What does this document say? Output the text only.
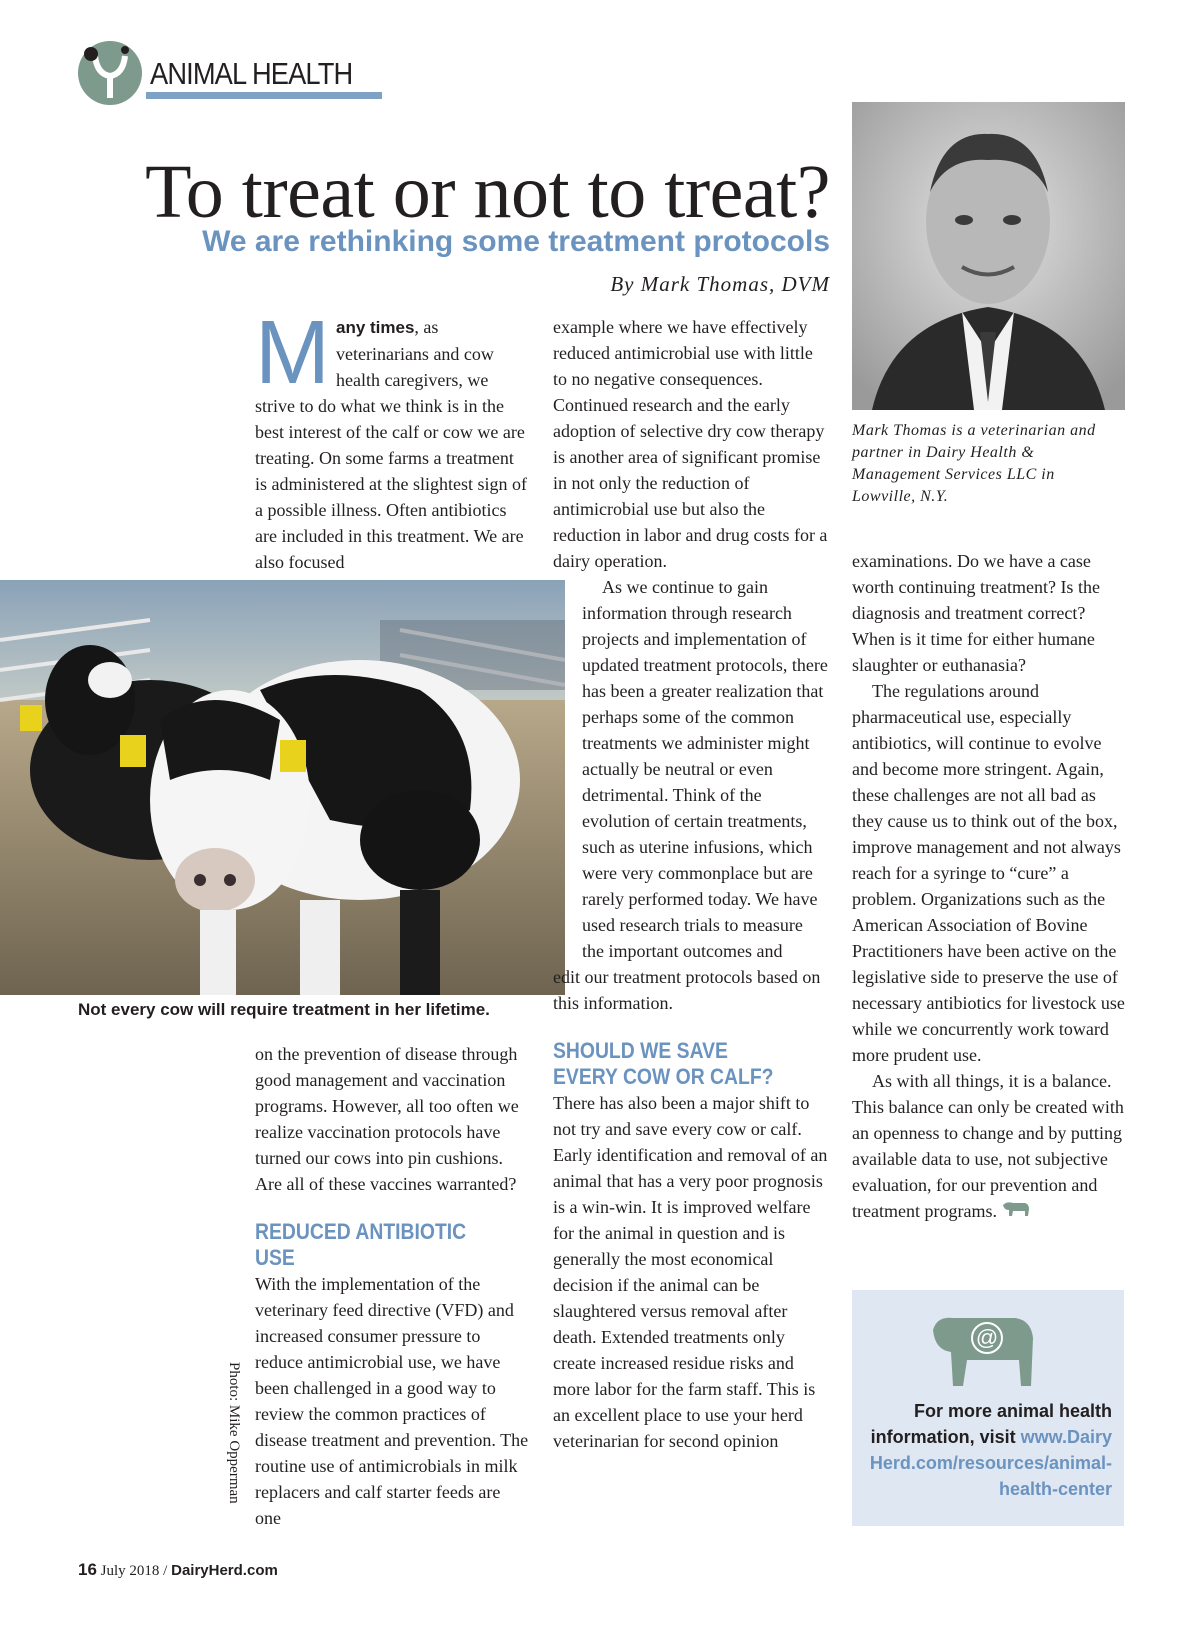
ANIMAL HEALTH
To treat or not to treat?
We are rethinking some treatment protocols
By Mark Thomas, DVM

Many times, as veterinarians and cow health caregivers, we strive to do what we think is in the best interest of the calf or cow we are treating. On some farms a treatment is administered at the slightest sign of a possible illness. Often antibiotics are included in this treatment. We are also focused

Not every cow will require treatment in her lifetime.
Photo: Mike Opperman

on the prevention of disease through good management and vaccination programs. However, all too often we realize vaccination protocols have turned our cows into pin cushions. Are all of these vaccines warranted?

REDUCED ANTIBIOTIC USE

With the implementation of the veterinary feed directive (VFD) and increased consumer pressure to reduce antimicrobial use, we have been challenged in a good way to review the common practices of disease treatment and prevention. The routine use of antimicrobials in milk replacers and calf starter feeds are one

example where we have effectively reduced antimicrobial use with little to no negative consequences. Continued research and the early adoption of selective dry cow therapy is another area of significant promise in not only the reduction of antimicrobial use but also the reduction in labor and drug costs for a dairy operation.

As we continue to gain information through research projects and implementation of updated treatment protocols, there has been a greater realization that perhaps some of the common treatments we administer might actually be neutral or even detrimental. Think of the evolution of certain treatments, such as uterine infusions, which were very commonplace but are rarely performed today. We have used research trials to measure the important outcomes and

edit our treatment protocols based on this information.

SHOULD WE SAVE EVERY COW OR CALF?

There has also been a major shift to not try and save every cow or calf. Early identification and removal of an animal that has a very poor prognosis is a win-win. It is improved welfare for the animal in question and is generally the most economical decision if the animal can be slaughtered versus removal after death. Extended treatments only create increased residue risks and more labor for the farm staff. This is an excellent place to use your herd veterinarian for second opinion

Mark Thomas is a veterinarian and partner in Dairy Health & Management Services LLC in Lowville, N.Y.

examinations. Do we have a case worth continuing treatment? Is the diagnosis and treatment correct? When is it time for either humane slaughter or euthanasia?

The regulations around pharmaceutical use, especially antibiotics, will continue to evolve and become more stringent. Again, these challenges are not all bad as they cause us to think out of the box, improve management and not always reach for a syringe to “cure” a problem. Organizations such as the American Association of Bovine Practitioners have been active on the legislative side to preserve the use of necessary antibiotics for livestock use while we concurrently work toward more prudent use.

As with all things, it is a balance. This balance can only be created with an openness to change and by putting available data to use, not subjective evaluation, for our prevention and treatment programs.

@
For more animal health information, visit www.DairyHerd.com/resources/animal-health-center
16 July 2018 / DairyHerd.com
